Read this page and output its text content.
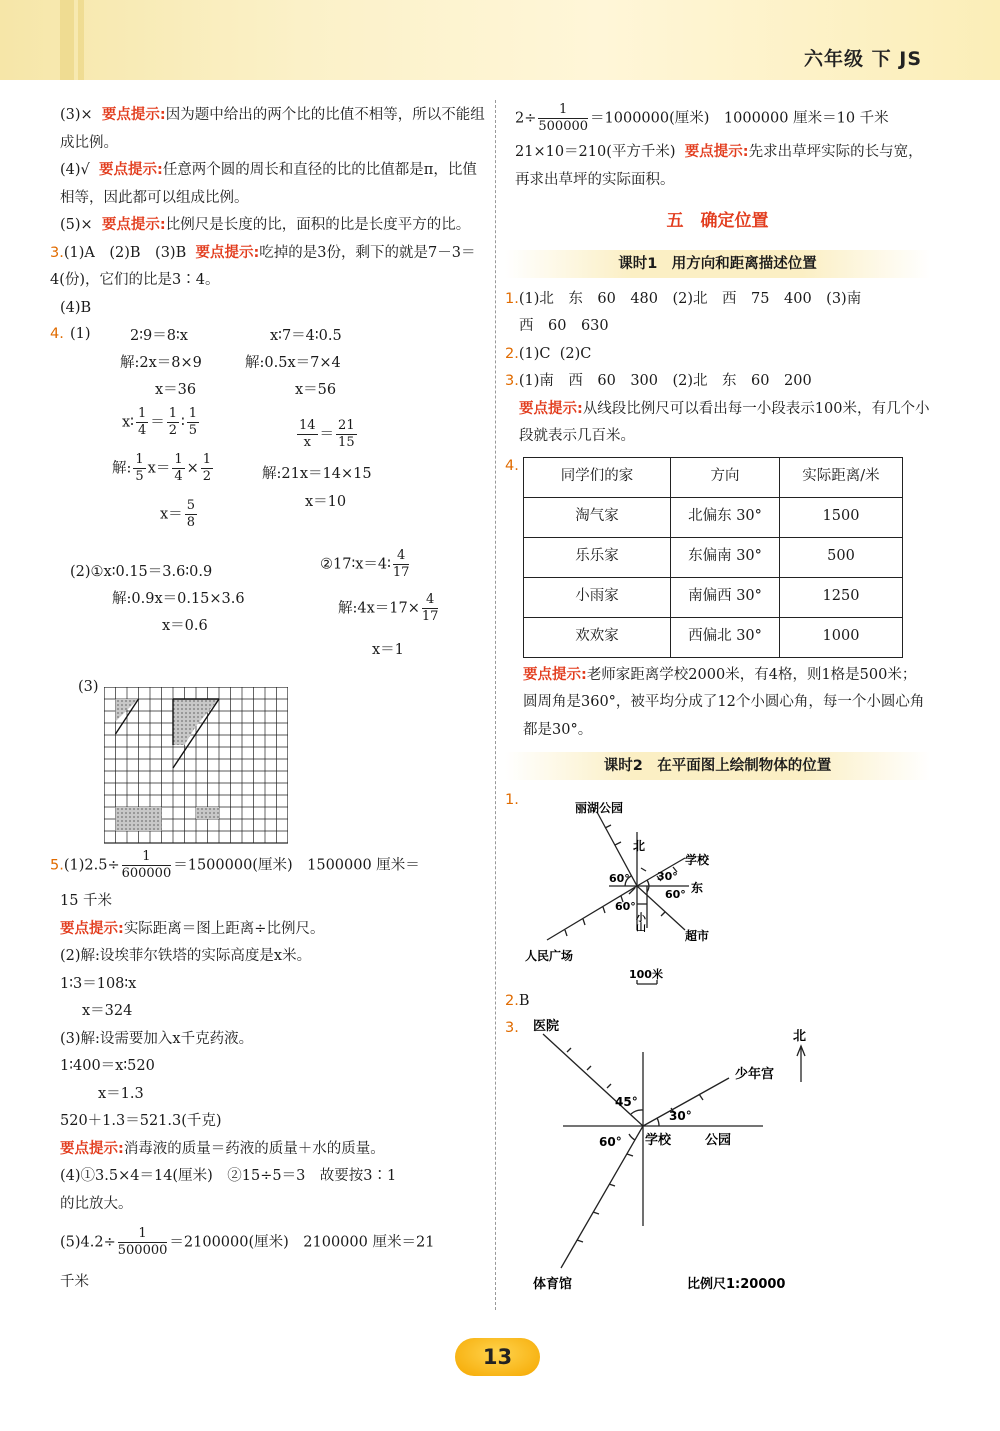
六年级 下 JS
(3)× 要点提示:因为题中给出的两个比的比值不相等，所以不能组成比例。
(4)√ 要点提示:任意两个圆的周长和直径的比的比值都是π，比值相等，因此都可以组成比例。
(5)× 要点提示:比例尺是长度的比，面积的比是长度平方的比。
3.(1)A　(2)B　(3)B 要点提示:吃掉的是3份，剩下的就是7－3＝4(份)，它们的比是3∶4。
(4)B
4. (1)	2∶9＝8∶x
解:2x＝8×9
x＝36
x∶7＝4∶0.5
解:0.5x＝7×4
x＝56
x∶ $\frac{1}{4} = \frac{1}{2}$ ∶ $\frac{1}{5}$
解: $\frac{1}{5} x= \frac{1}{4} \times \frac{1}{2}$
$x= \frac{5}{8}$
$\frac{14}{x} = \frac{21}{15}$
解:21x＝14×15
x＝10
(2)①x∶0.15＝3.6∶0.9
解:0.9x＝0.15×3.6
x＝0.6
②17∶x＝4∶ $\frac{4}{17}$
解:4x＝17× $\frac{4}{17}$
x＝1
(3)
$5.(1)2.5\div \frac{1}{600000} =1500000$(厘米)　1500000 厘米＝
15 千米
要点提示:实际距离＝图上距离÷比例尺。
(2)解:设埃菲尔铁塔的实际高度是x米。
1∶3＝108∶x
x＝324
(3)解:设需要加入x千克药液。
1∶400＝x∶520
x＝1.3
520＋1.3＝521.3(千克)
要点提示:消毒液的质量＝药液的质量＋水的质量。
(4)①3.5×4＝14(厘米)　②15÷5＝3　故要按3∶1
的比放大。
$(5)4.2\div \frac{1}{500000} =2100000$(厘米)　2100000 厘米＝21
千米
$2\div \frac{1}{500000} =1000000$(厘米)　1000000 厘米＝10 千米
21×10＝210(平方千米) 要点提示:先求出草坪实际的长与宽，再求出草坪的实际面积。
五　确定位置
课时1　用方向和距离描述位置
1.(1)北　东　60　480　(2)北　西　75　400　(3)南
西　60　630
2.(1)C (2)C
3.(1)南　西　60　300　(2)北　东　60　200
要点提示:从线段比例尺可以看出每一小段表示100米，有几个小段就表示几百米。
4.
同学们的家	方向	实际距离/米
淘气家	北偏东 30°	1500
乐乐家	东偏南 30°	500
小雨家	南偏西 30°	1250
欢欢家	西偏北 30°	1000
要点提示:老师家距离学校2000米，有4格，则1格是500米；圆周角是360°，被平均分成了12个小圆心角，每一个小圆心角都是30°。
课时2　在平面图上绘制物体的位置
1.	丽湖公园
北
学校
60° 30°
东
60°
60°
小山
超市
人民广场
100米
2.B
3. 医院
北
少年宫
45°
30°
60° 学校	公园
体育馆	比例尺1:20000
13
